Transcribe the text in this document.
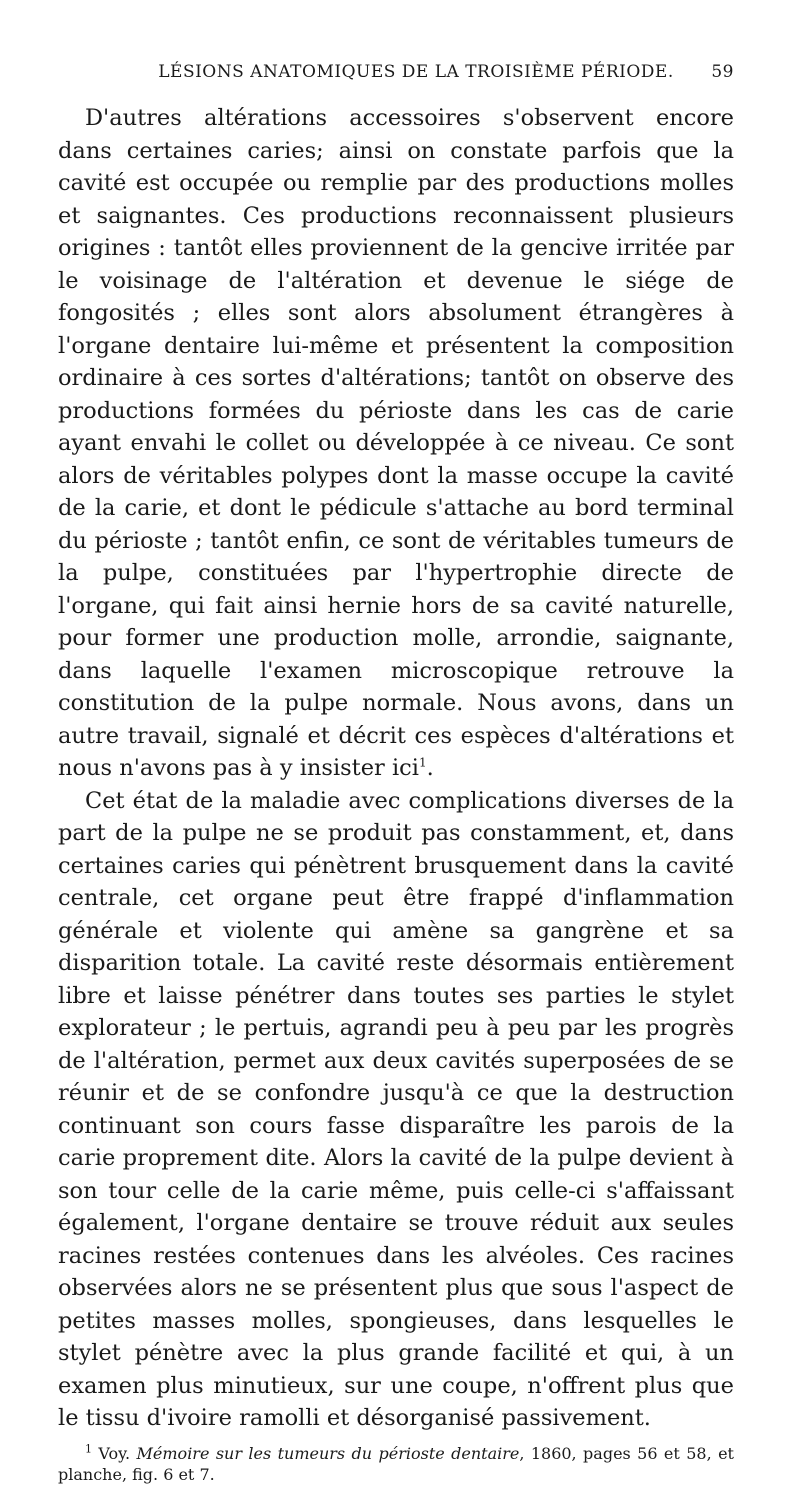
LÉSIONS ANATOMIQUES DE LA TROISIÈME PÉRIODE. 59

D'autres altérations accessoires s'observent encore dans certaines caries; ainsi on constate parfois que la cavité est occupée ou remplie par des productions molles et saignantes. Ces productions reconnaissent plusieurs origines : tantôt elles proviennent de la gencive irritée par le voisinage de l'altération et devenue le siége de fongosités ; elles sont alors absolument étrangères à l'organe dentaire lui-même et présentent la composition ordinaire à ces sortes d'altérations; tantôt on observe des productions formées du périoste dans les cas de carie ayant envahi le collet ou développée à ce niveau. Ce sont alors de véritables polypes dont la masse occupe la cavité de la carie, et dont le pédicule s'attache au bord terminal du périoste ; tantôt enfin, ce sont de véritables tumeurs de la pulpe, constituées par l'hypertrophie directe de l'organe, qui fait ainsi hernie hors de sa cavité naturelle, pour former une production molle, arrondie, saignante, dans laquelle l'examen microscopique retrouve la constitution de la pulpe normale. Nous avons, dans un autre travail, signalé et décrit ces espèces d'altérations et nous n'avons pas à y insister ici$^1$.

Cet état de la maladie avec complications diverses de la part de la pulpe ne se produit pas constamment, et, dans certaines caries qui pénètrent brusquement dans la cavité centrale, cet organe peut être frappé d'inflammation générale et violente qui amène sa gangrène et sa disparition totale. La cavité reste désormais entièrement libre et laisse pénétrer dans toutes ses parties le stylet explorateur ; le pertuis, agrandi peu à peu par les progrès de l'altération, permet aux deux cavités superposées de se réunir et de se confondre jusqu'à ce que la destruction continuant son cours fasse disparaître les parois de la carie proprement dite. Alors la cavité de la pulpe devient à son tour celle de la carie même, puis celle-ci s'affaissant également, l'organe dentaire se trouve réduit aux seules racines restées contenues dans les alvéoles. Ces racines observées alors ne se présentent plus que sous l'aspect de petites masses molles, spongieuses, dans lesquelles le stylet pénètre avec la plus grande facilité et qui, à un examen plus minutieux, sur une coupe, n'offrent plus que le tissu d'ivoire ramolli et désorganisé passivement.

$^1$ Voy. Mémoire sur les tumeurs du périoste dentaire, 1860, pages 56 et 58, et planche, fig. 6 et 7.
